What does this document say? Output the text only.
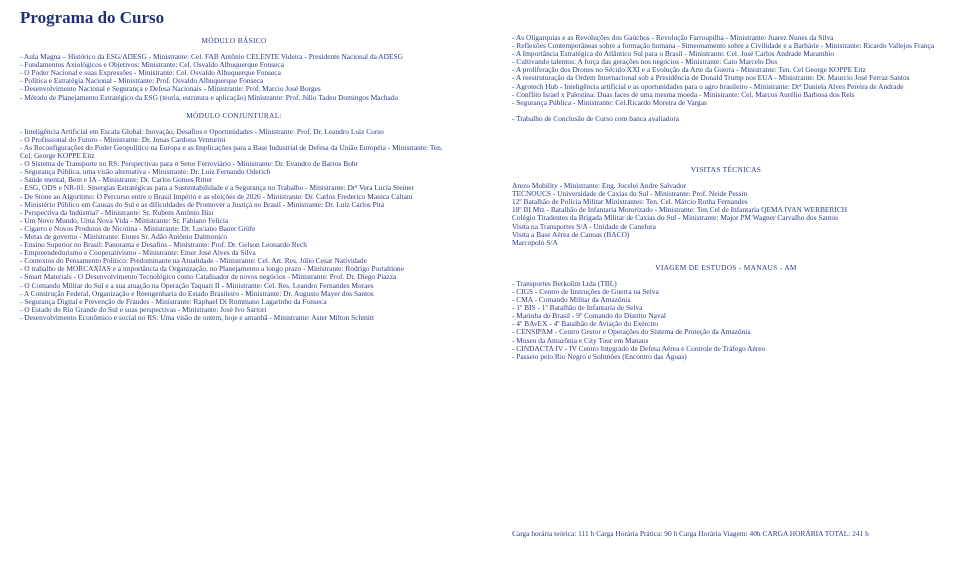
Programa do Curso
MÓDULO BÁSICO
- Aula Magna – Histórico da ESG/ADESG - Ministrante: Cel. FAB Antônio CELENTE Videira - Presidente Nacional da ADESG
- Fundamentos Axiológicos e Objetivos: Ministrante: Cel. Osvaldo Albuquerque Fonseca
- O Poder Nacional e suas Expressões - Ministrante: Cel. Osvaldo Albuquerque Fonseca
- Política e Estratégia Nacional - Ministrante: Prof. Osvaldo Albuquerque Fonseca
- Desenvolvimento Nacional e Segurança e Defesa Nacionais - Ministrante: Prof. Marcio José Borges
- Método de Planejamento Estratégico da ESG (teoria, estrutura e aplicação) Ministrante: Prof. Júlio Tadeu Domingos Machado
MÓDULO CONJUNTURAL:
- Inteligência Artificial em Escala Global: Inovação, Desafios e Oportunidades - Ministrante: Prof. Dr. Leandro Luiz Corso
- O Profissional do Futuro - Ministrante: Dr. Jonas Cardona Venturini
- As Reconfigurações do Poder Geopolítico na Europa e as Implicações para a Base Industrial de Defesa da União Européia - Ministrante: Ten. Cel. George KOPPE Eitz
- O Sistema de Transporte no RS: Perspectivas para o Setor Ferroviário - Ministrante: Dr. Evandro de Barros Bohr
- Segurança Pública, uma visão alternativa - Ministrante: Dr. Luiz Fernando Oderich
- Saúde mental, Bem e IA - Ministrante: Dr. Carlos Gomes Ritter
- ESG, ODS e NR-01: Sinergias Estratégicas para a Sustentabilidade e a Segurança no Trabalho - Ministrante: Drª Vera Lucia Steiner
- De Stone ao Algoritmo: O Percurso entre o Brasil Império e as eleições de 2026 - Ministrante: Dr. Carlos Frederico Manica Caltani
- Ministério Público em Causas do Sul e as dificuldades de Promover a Justiça no Brasil - Ministrante: Dr. Luiz Carlos Pitá
- Perspectiva da Indústria? - Ministrante: Sr. Rubem Antônio Bisi
- Um Novo Mundo, Uma Nova Vida - Ministrante: Sr. Fabiano Felicia
- Cigarro e Novos Produtos de Nicotina - Ministrante: Dr. Luciano Bauer Grüfe
- Metas de governo - Ministrante: Ennes Sr. Adão Antônio Dalmonico
- Ensino Superior no Brasil: Panorama e Desafios - Ministrante: Prof. Dr. Gelson Leonardo Rech
- Empreendedorismo e Cooperativismo - Ministrante: Emer José Alves da Silva
- Contextos do Pensamento Político: Predominante na Atualidade - Ministrante: Cel. Art. Res. Júlio Cesar Natividade
- O trabalho de MORCAXIAS e a importância da Organização, no Planejamento a longo prazo - Ministrante: Rodrigo Portaltione
- Smart Materials - O Desenvolvimento Tecnológico como Catalisador de novos negócios - Ministrante: Prof. Dr. Diego Piazza
- O Comando Militar do Sul e a sua atuação na Operação Taquari II - Ministrante: Cel. Res. Leandro Fernandes Moraes
- A Construção Federal, Organização e Reengenharia do Estado Brasileiro - Ministrante: Dr. Augusto Mayer dos Santos
- Segurança Digital e Prevenção de Fraudes - Ministrante: Raphael Di Rommano Lagarinho da Fonseca
- O Estado do Rio Grande do Sul e suas perspectivas - Ministrante: José Ivo Sartori
- Desenvolvimento Econômico e social no RS: Uma visão de ontem, hoje e amanhã - Ministrante: Aster Milton Schmitt
- As Oligarquias e as Revoluções dos Gaúchos - Revolução Farroupilha - Ministrante: Juarez Nunes da Silva
- Reflexões Contemporâneas sobre a formação humana - Simeonamento sobre a Civilidade e a Barbárie - Ministrante: Ricardo Vallejos França
- A Importância Estratégica do Atlântico Sul para o Brasil - Ministrante: Cel. José Carlos Andrade Marambio
- Cultivando talentos: A força das gerações nos negócios - Ministrante: Caio Marcelo Dos
- A proliferação dos Drones no Século XXI e a Evolução da Arte da Guerra - Ministrante: Ten. Cel George KOPPE Eitz
- A reestruturação da Ordem Internacional sob a Presidência de Donald Trump nos EUA - Ministrante: Dr. Maurcio José Ferraz Santos
- Agrotech Hub - Inteligência artificial e as oportunidades para o agro brasileiro - Ministrante: Drª Daniela Alves Pereira de Andrade
- Conflito Israel x Palestina: Duas faces de uma mesma moeda - Ministrante: Cel. Marcos Aurélio Barbosa dos Reis
- Segurança Pública - Ministrante: Cel.Ricardo Moreira de Vargas
- Trabalho de Conclusão de Curso com banca avaliadora
VISITAS TÉCNICAS
Arezo Mobility - Ministrante: Eng. Jocelei Andre Salvador
TECNOUCS - Universidade de Caxias do Sul - Ministrante: Prof. Neide Pessin
12º Batalhão de Polícia Militar Ministrantes: Ten. Cel. Márcio Rotha Fernandes
18º BI Mtz - Batalhão de Infantaria Motorizado - Ministrante: Ten Cel de Infantaria QEMA IVAN WERBERICH
Colégio Tiradentes da Brigada Militar de Caxias do Sul - Ministrante: Major PM Wagner Carvalho dos Santos
Visita na Transportes S/A - Unidade de Canelura
Visita a Base Aérea de Canoas (BACO)
Marcopolo S/A
VIAGEM DE ESTUDOS - MANAUS - AM
- Transportes Berkolim Ltda (TBL)
- CIGS - Centro de Instruções de Guerra na Selva
- CMA - Comando Militar da Amazônia
- 1º BIS - 1º Batalhão de Infantaria de Selva
- Marinha do Brasil - 9º Comando do Distrito Naval
- 4º BAvEX - 4º Batalhão de Aviação do Exército
- CENSIPAM - Centro Gestor e Operações do Sistema de Proteção da Amazônia
- Museu da Amazônia e City Tour em Manaus
- CINDACTA IV - IV Centro Integrado de Defesa Aérea e Controle de Tráfego Aéreo
- Passeio pelo Rio Negro e Solimões (Encontro das Águas)
Carga horária teórica: 111 h Carga Horária Prática: 90 h Carga Horária Viagem: 40h CARGA HORÁRIA TOTAL: 241 h
